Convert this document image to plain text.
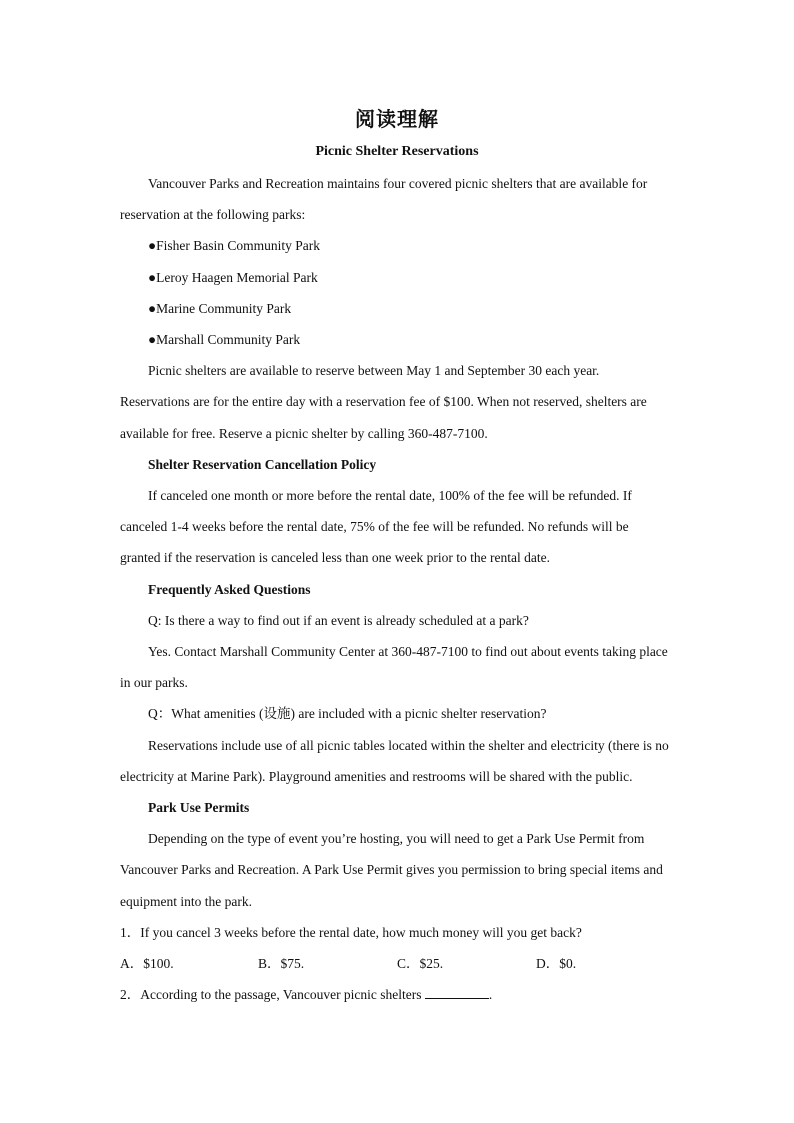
阅读理解
Picnic Shelter Reservations

Vancouver Parks and Recreation maintains four covered picnic shelters that are available for reservation at the following parks:

●Fisher Basin Community Park

●Leroy Haagen Memorial Park

●Marine Community Park

●Marshall Community Park

Picnic shelters are available to reserve between May 1 and September 30 each year. Reservations are for the entire day with a reservation fee of $100. When not reserved, shelters are available for free. Reserve a picnic shelter by calling 360-487-7100.

Shelter Reservation Cancellation Policy

If canceled one month or more before the rental date, 100% of the fee will be refunded. If canceled 1-4 weeks before the rental date, 75% of the fee will be refunded. No refunds will be granted if the reservation is canceled less than one week prior to the rental date.

Frequently Asked Questions

Q: Is there a way to find out if an event is already scheduled at a park?

Yes. Contact Marshall Community Center at 360-487-7100 to find out about events taking place in our parks.

Q：What amenities (设施) are included with a picnic shelter reservation?

Reservations include use of all picnic tables located within the shelter and electricity (there is no electricity at Marine Park). Playground amenities and restrooms will be shared with the public.

Park Use Permits

Depending on the type of event you’re hosting, you will need to get a Park Use Permit from Vancouver Parks and Recreation. A Park Use Permit gives you permission to bring special items and equipment into the park.

1．If you cancel 3 weeks before the rental date, how much money will you get back?

A．$100.	B．$75.	C．$25.	D．$0.

2．According to the passage, Vancouver picnic shelters	.
